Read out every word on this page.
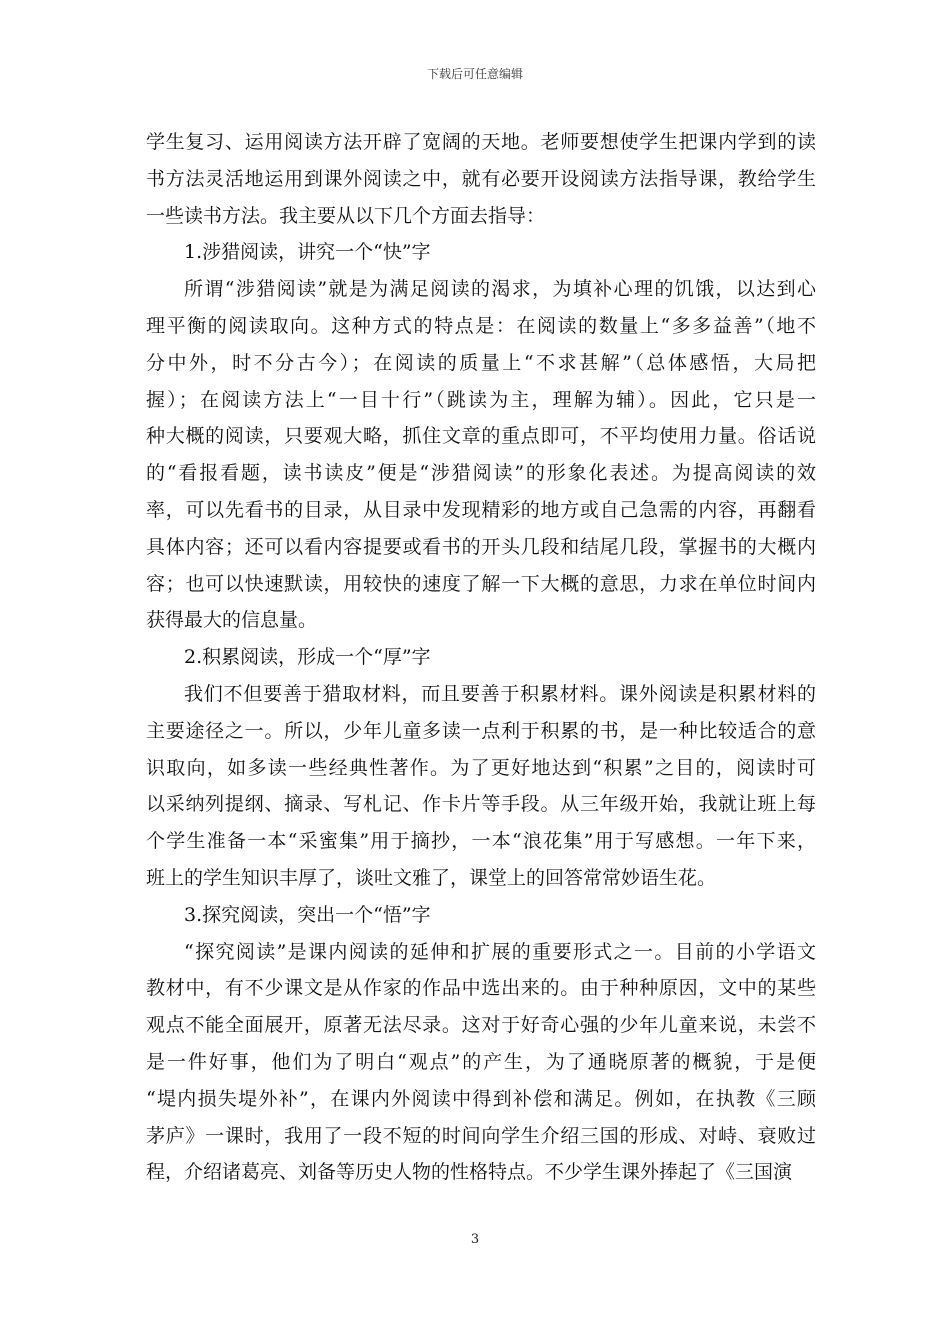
下载后可任意编辑
学生复习、运用阅读方法开辟了宽阔的天地。老师要想使学生把课内学到的读
书方法灵活地运用到课外阅读之中，就有必要开设阅读方法指导课，教给学生
一些读书方法。我主要从以下几个方面去指导：
1.涉猎阅读，讲究一个“快”字
所谓“涉猎阅读”就是为满足阅读的渴求，为填补心理的饥饿，以达到心
理平衡的阅读取向。这种方式的特点是：在阅读的数量上“多多益善”（地不
分中外，时不分古今）；在阅读的质量上“不求甚解”（总体感悟，大局把
握）；在阅读方法上“一目十行”（跳读为主，理解为辅）。因此，它只是一
种大概的阅读，只要观大略，抓住文章的重点即可，不平均使用力量。俗话说
的“看报看题，读书读皮”便是“涉猎阅读”的形象化表述。为提高阅读的效
率，可以先看书的目录，从目录中发现精彩的地方或自己急需的内容，再翻看
具体内容；还可以看内容提要或看书的开头几段和结尾几段，掌握书的大概内
容；也可以快速默读，用较快的速度了解一下大概的意思，力求在单位时间内
获得最大的信息量。
2.积累阅读，形成一个“厚”字
我们不但要善于猎取材料，而且要善于积累材料。课外阅读是积累材料的
主要途径之一。所以，少年儿童多读一点利于积累的书，是一种比较适合的意
识取向，如多读一些经典性著作。为了更好地达到“积累”之目的，阅读时可
以采纳列提纲、摘录、写札记、作卡片等手段。从三年级开始，我就让班上每
个学生准备一本“采蜜集”用于摘抄，一本“浪花集”用于写感想。一年下来，
班上的学生知识丰厚了，谈吐文雅了，课堂上的回答常常妙语生花。
3.探究阅读，突出一个“悟”字
“探究阅读”是课内阅读的延伸和扩展的重要形式之一。目前的小学语文
教材中，有不少课文是从作家的作品中选出来的。由于种种原因，文中的某些
观点不能全面展开，原著无法尽录。这对于好奇心强的少年儿童来说，未尝不
是一件好事，他们为了明白“观点”的产生，为了通晓原著的概貌，于是便
“堤内损失堤外补”，在课内外阅读中得到补偿和满足。例如，在执教《三顾
茅庐》一课时，我用了一段不短的时间向学生介绍三国的形成、对峙、衰败过
程，介绍诸葛亮、刘备等历史人物的性格特点。不少学生课外捧起了《三国演
3
